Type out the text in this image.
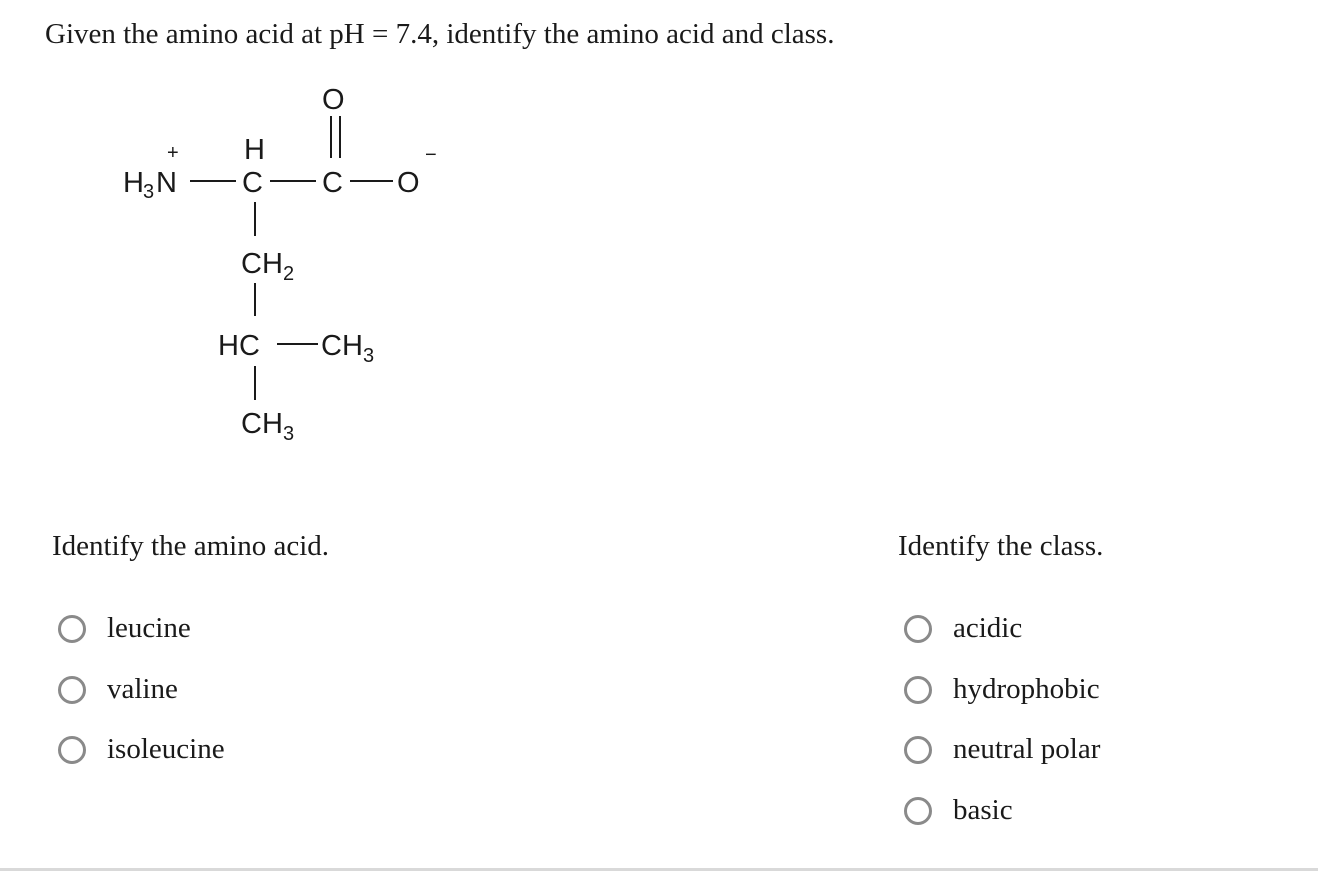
Given the amino acid at pH = 7.4, identify the amino acid and class.
+
H 3 N
H
C
O
C O
−
CH 2
HC CH 3
CH 3
Identify the amino acid.	Identify the class.
leucine
valine
isoleucine
acidic
hydrophobic
neutral polar
basic
